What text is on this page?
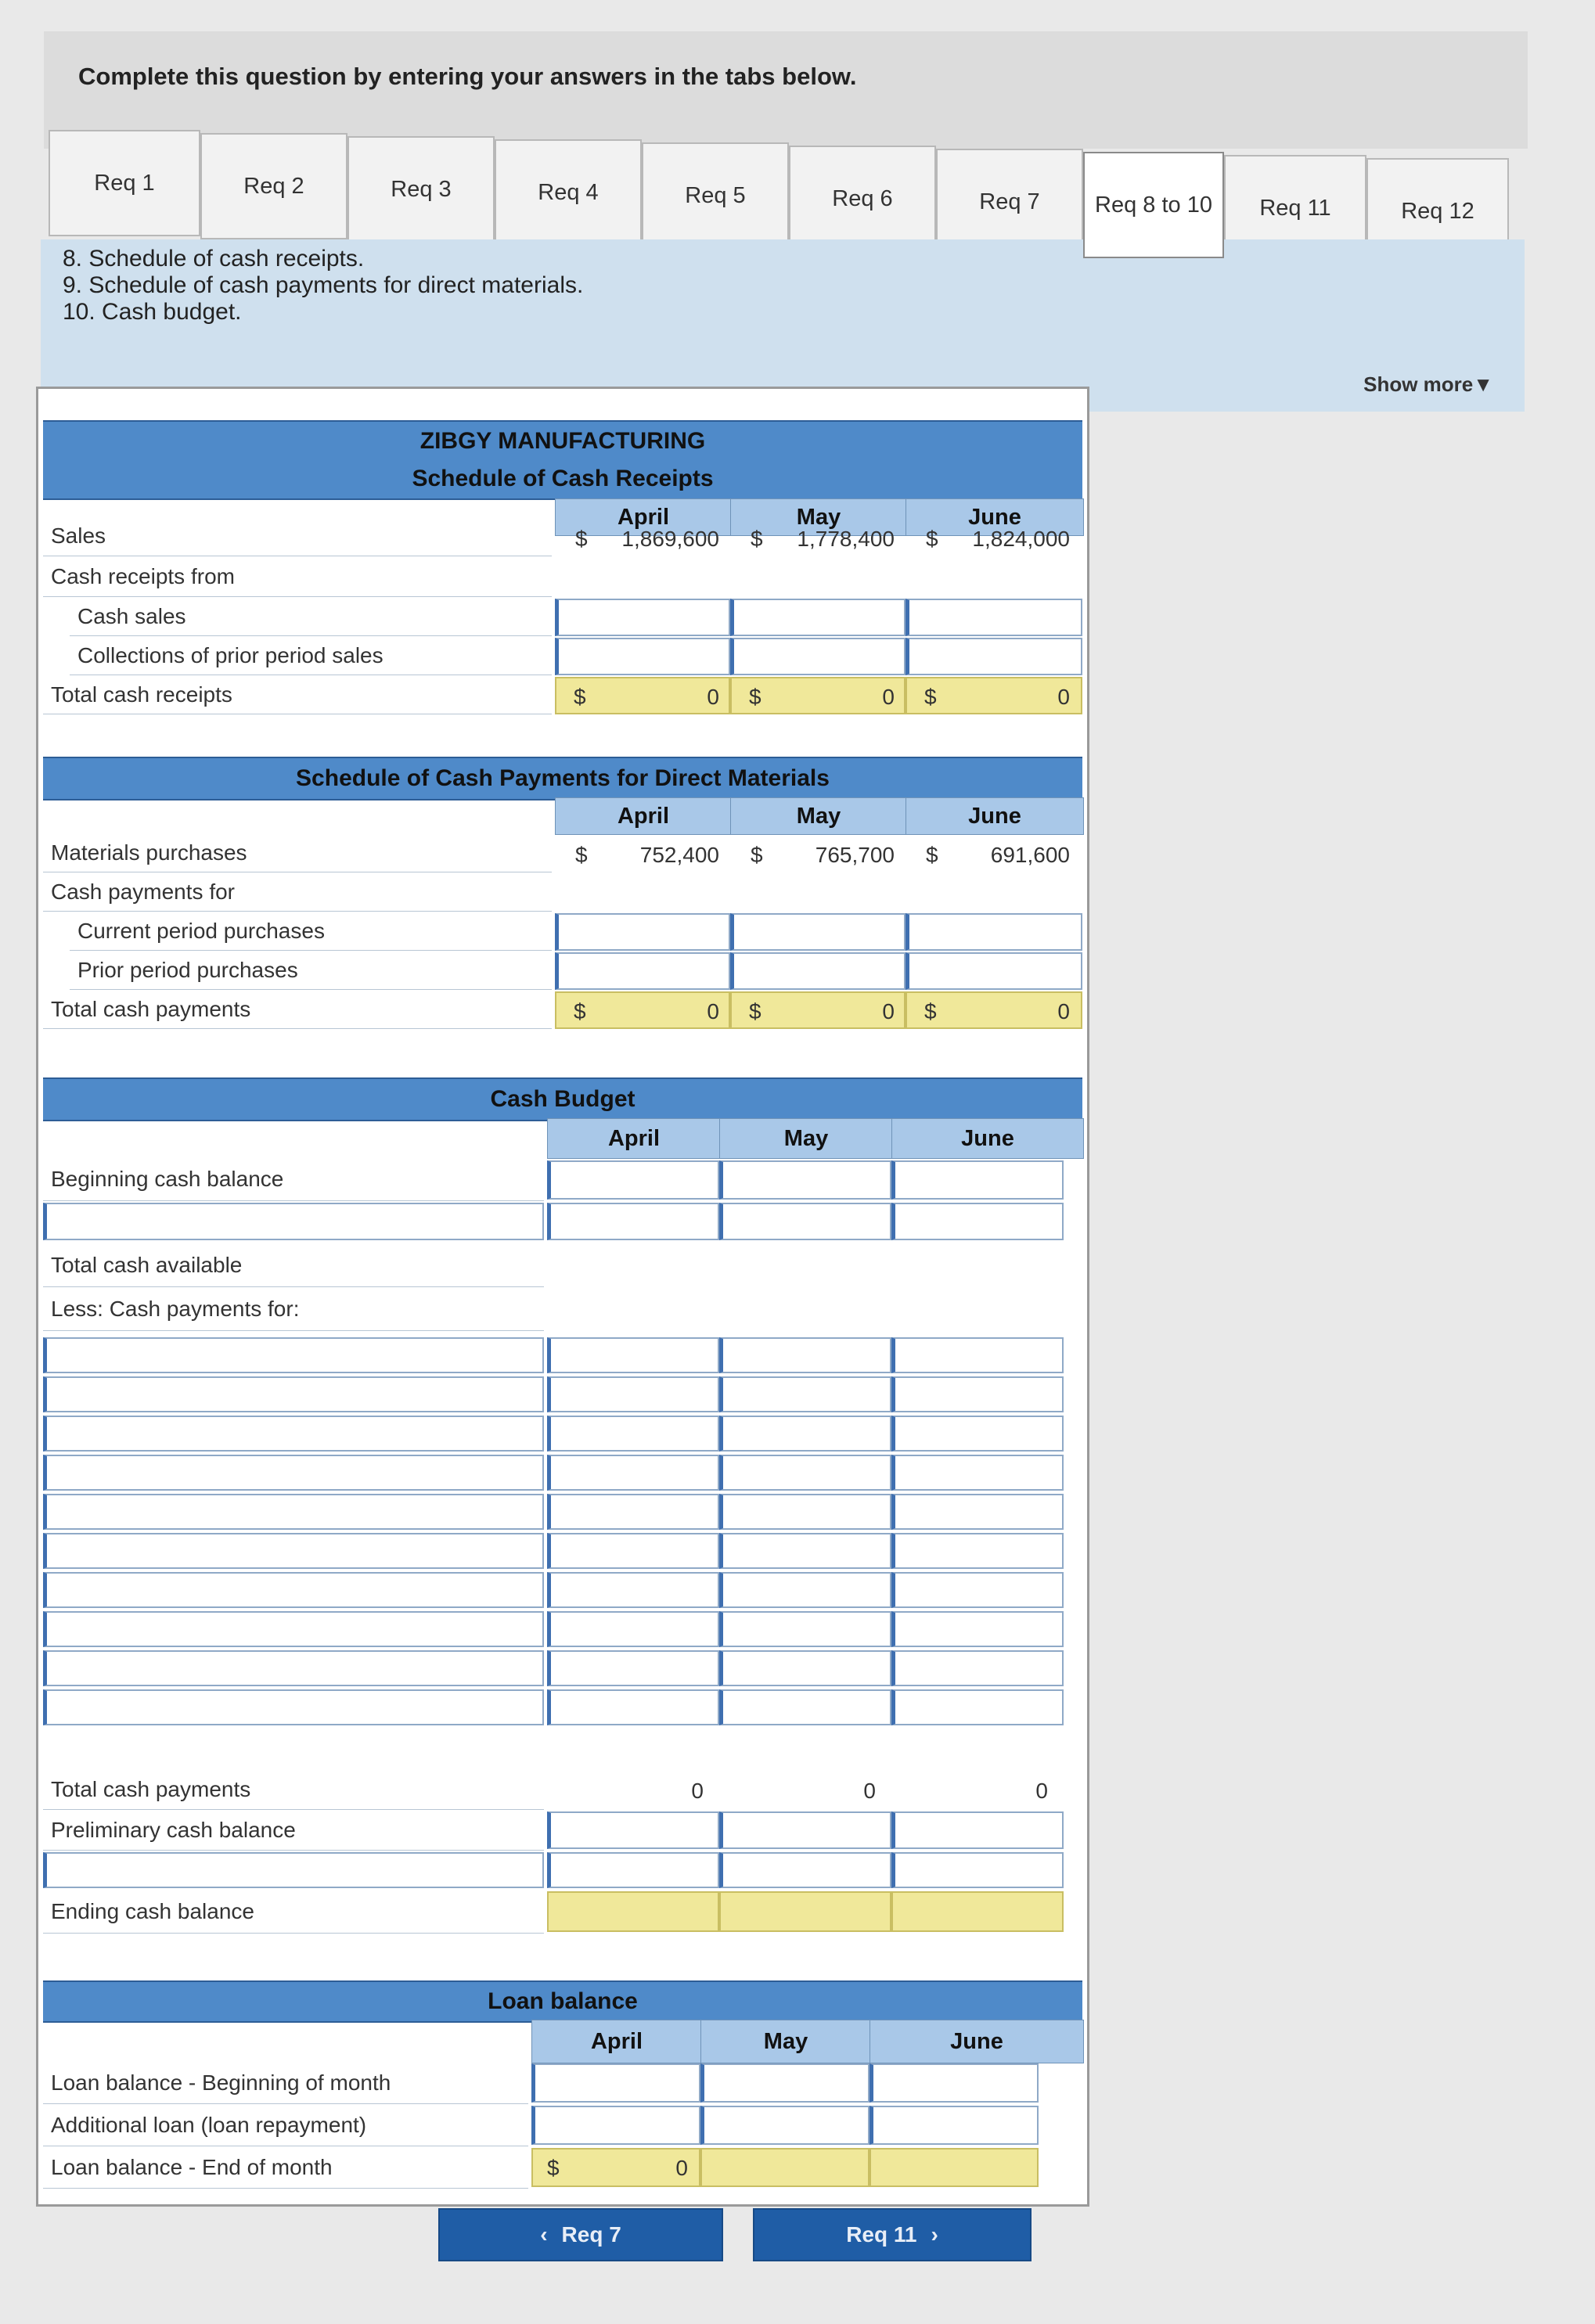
Complete this question by entering your answers in the tabs below.
Req 1	Req 2	Req 3	Req 4	Req 5	Req 6	Req 7 Req 8 to 10 Req 11	Req 12
8. Schedule of cash receipts.
9. Schedule of cash payments for direct materials.
10. Cash budget.
Show more▼
ZIBGY MANUFACTURING
Schedule of Cash Receipts
April	May	June
Sales	$	1,869,600 $	1,778,400 $	1,824,000
Cash receipts from
Cash sales
Collections of prior period sales
Total cash receipts	$	0 $	0 $	0
Schedule of Cash Payments for Direct Materials
April	May	June
Materials purchases	$	752,400 $	765,700 $	691,600
Cash payments for
Current period purchases
Prior period purchases
Total cash payments	$	0 $	0 $	0
Cash Budget
April	May	June
Beginning cash balance
Total cash available
Less: Cash payments for:
Total cash payments	0	0	0
Preliminary cash balance
Ending cash balance
Loan balance
April	May	June
Loan balance - Beginning of month
Additional loan (loan repayment)
Loan balance - End of month	$	0
‹ Req 7	Req 11 ›
